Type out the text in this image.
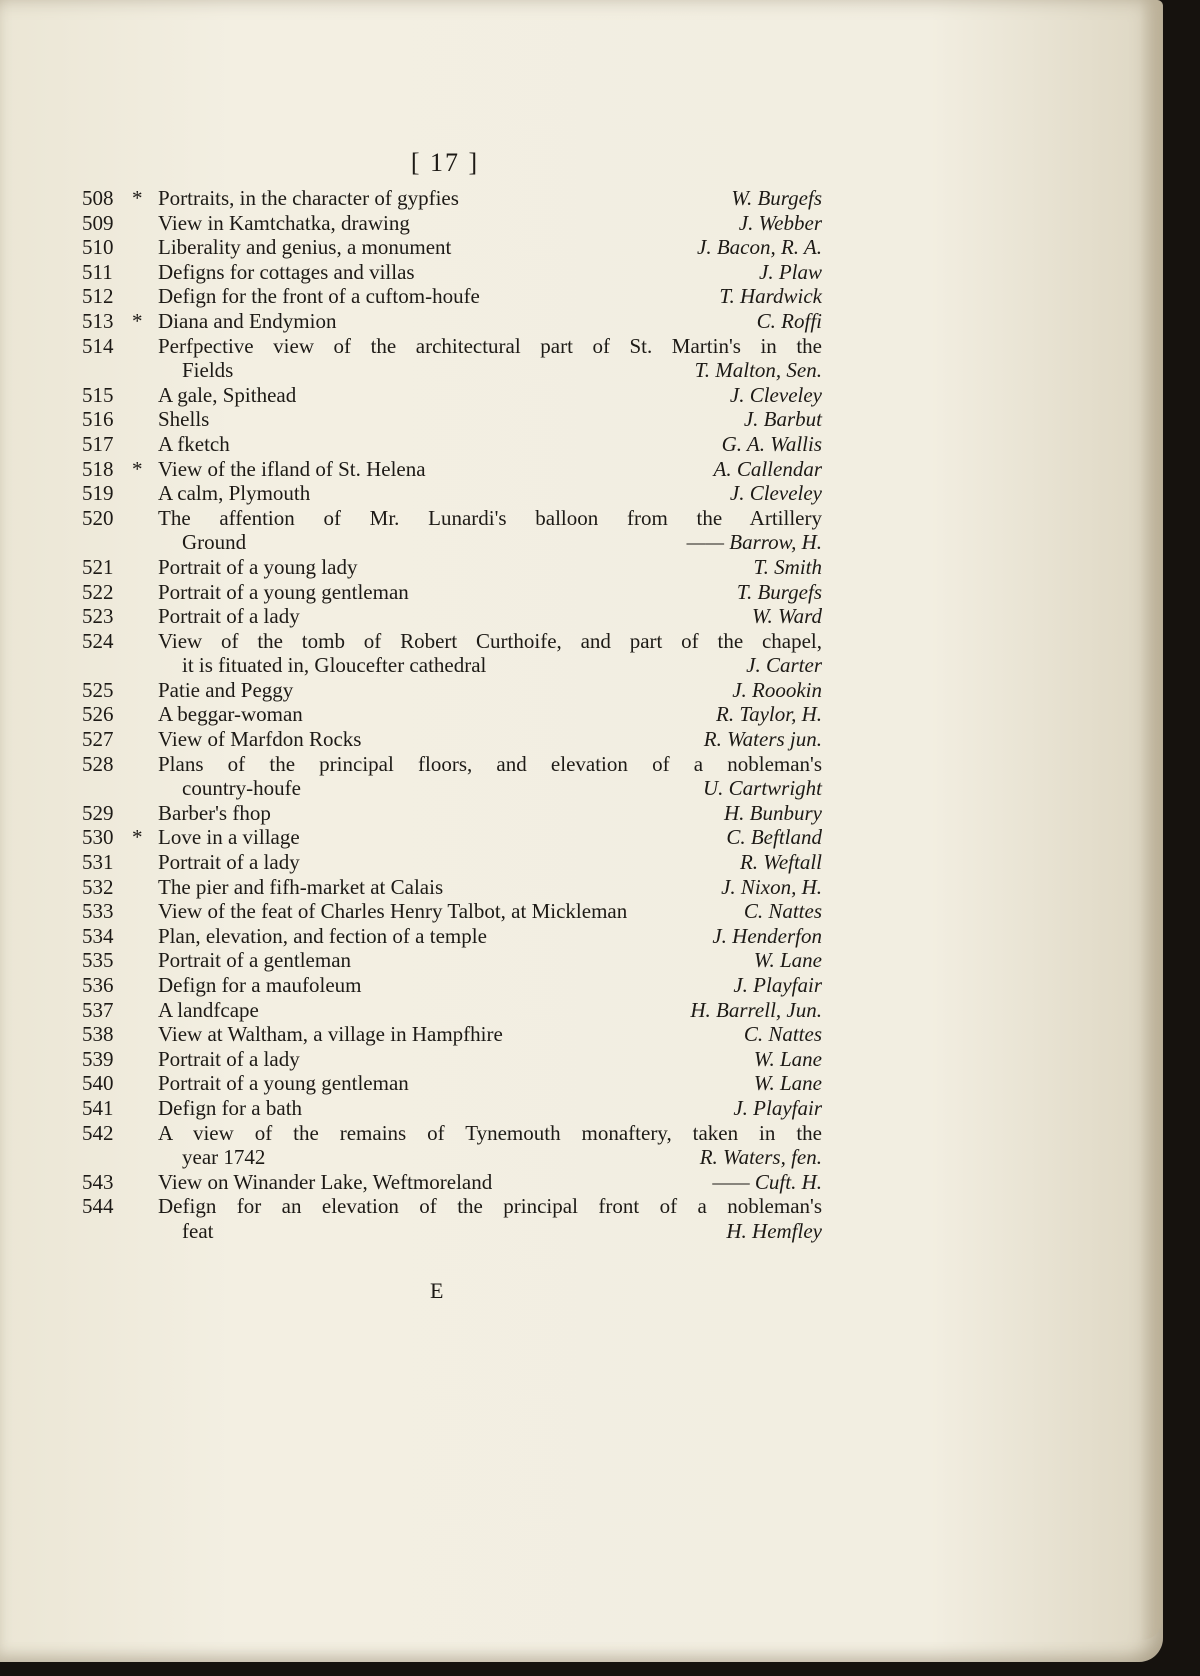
[ 17 ]
508 * Portraits, in the character of gypfies	W. Burgefs
509	View in Kamtchatka, drawing	J. Webber
510	Liberality and genius, a monument	J. Bacon, R. A.
511	Defigns for cottages and villas	J. Plaw
512	Defign for the front of a cuftom-houfe	T. Hardwick
513 * Diana and Endymion	C. Roffi
514	Perfpective view of the architectural part of St. Martin's in the
Fields	T. Malton, Sen.
515	A gale, Spithead	J. Cleveley
516	Shells	J. Barbut
517	A fketch	G. A. Wallis
518 * View of the ifland of St. Helena	A. Callendar
519	A calm, Plymouth	J. Cleveley
520	The affention of Mr. Lunardi's balloon from the Artillery
Ground	—— Barrow, H.
521	Portrait of a young lady	T. Smith
522	Portrait of a young gentleman	T. Burgefs
523	Portrait of a lady	W. Ward
524	View of the tomb of Robert Curthoife, and part of the chapel,
it is fituated in, Gloucefter cathedral	J. Carter
525	Patie and Peggy	J. Roookin
526	A beggar-woman	R. Taylor, H.
527	View of Marfdon Rocks	R. Waters jun.
528	Plans of the principal floors, and elevation of a nobleman's
country-houfe	U. Cartwright
529	Barber's fhop	H. Bunbury
530 * Love in a village	C. Beftland
531	Portrait of a lady	R. Weftall
532	The pier and fifh-market at Calais	J. Nixon, H.
533	View of the feat of Charles Henry Talbot, at Mickleman	C. Nattes
534	Plan, elevation, and fection of a temple	J. Henderfon
535	Portrait of a gentleman	W. Lane
536	Defign for a maufoleum	J. Playfair
537	A landfcape	H. Barrell, Jun.
538	View at Waltham, a village in Hampfhire	C. Nattes
539	Portrait of a lady	W. Lane
540	Portrait of a young gentleman	W. Lane
541	Defign for a bath	J. Playfair
542	A view of the remains of Tynemouth monaftery, taken in the
year 1742	R. Waters, fen.
543	View on Winander Lake, Weftmoreland	—— Cuft. H.
544	Defign for an elevation of the principal front of a nobleman's
feat	H. Hemfley
E
